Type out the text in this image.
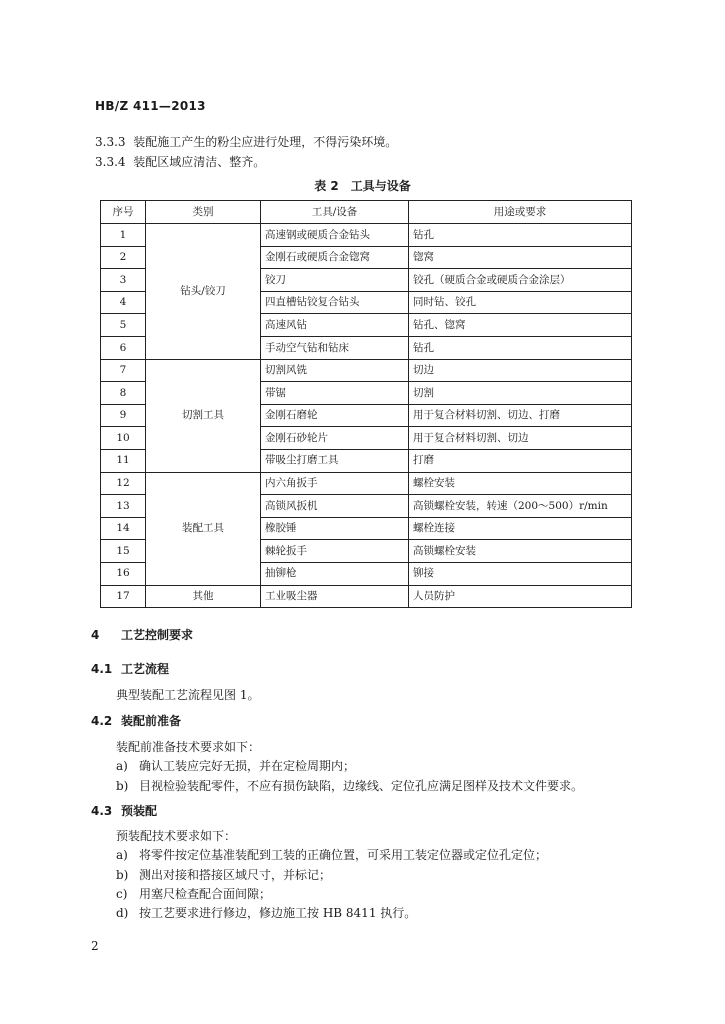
HB/Z 411—2013
3.3.3 装配施工产生的粉尘应进行处理，不得污染环境。
3.3.4 装配区域应清洁、整齐。
表 2　工具与设备
序号	类别	工具/设备	用途或要求
1	钻头/铰刀	高速钢或硬质合金钻头	钻孔
2		金刚石或硬质合金锪窝	锪窝
3		铰刀	铰孔（硬质合金或硬质合金涂层）
4		四直槽钻铰复合钻头	同时钻、铰孔
5		高速风钻	钻孔、锪窝
6		手动空气钻和钻床	钻孔
7	切割工具	切割风铣	切边
8		带锯	切割
9		金刚石磨轮	用于复合材料切割、切边、打磨
10		金刚石砂轮片	用于复合材料切割、切边
11		带吸尘打磨工具	打磨
12	装配工具	内六角扳手	螺栓安装
13		高锁风扳机	高锁螺栓安装，转速（200～500）r/min
14		橡胶锤	螺栓连接
15		棘轮扳手	高锁螺栓安装
16		抽铆枪	铆接
17	其他	工业吸尘器	人员防护
4 工艺控制要求
4.1 工艺流程
典型装配工艺流程见图 1。
4.2 装配前准备
装配前准备技术要求如下：
a) 确认工装应完好无损，并在定检周期内；
b) 目视检验装配零件，不应有损伤缺陷，边缘线、定位孔应满足图样及技术文件要求。
4.3 预装配
预装配技术要求如下：
a) 将零件按定位基准装配到工装的正确位置，可采用工装定位器或定位孔定位；
b) 测出对接和搭接区域尺寸，并标记；
c) 用塞尺检查配合面间隙；
d) 按工艺要求进行修边，修边施工按 HB 8411 执行。
2
